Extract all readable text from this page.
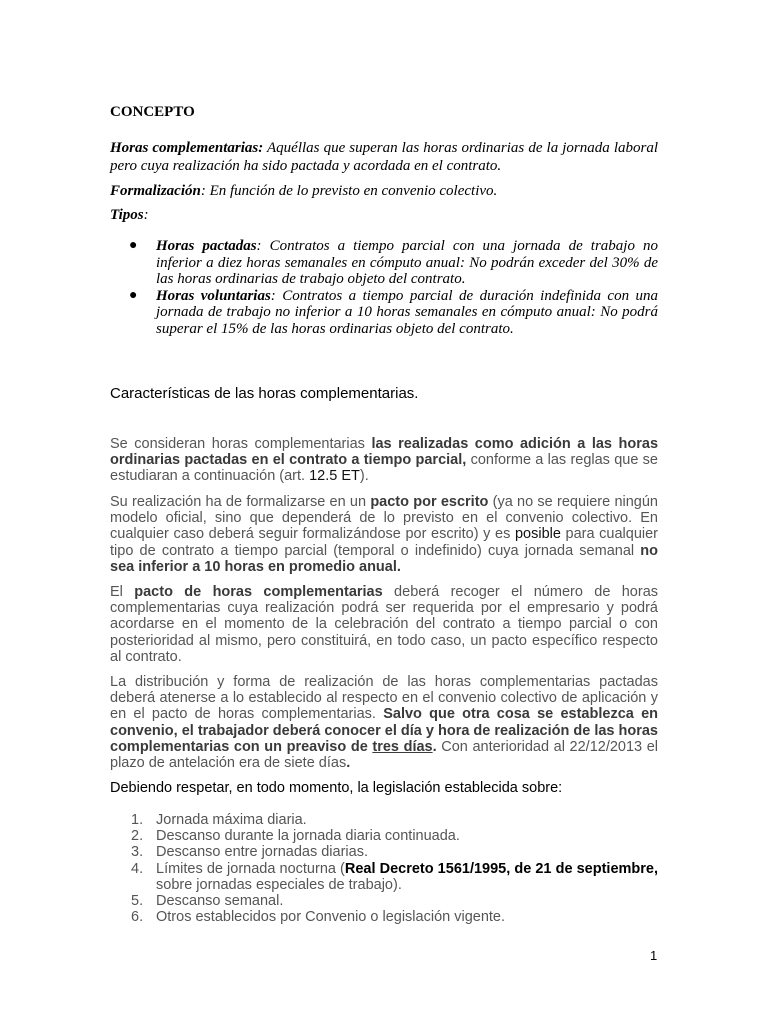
CONCEPTO

Horas complementarias: Aquéllas que superan las horas ordinarias de la jornada laboral pero cuya realización ha sido pactada y acordada en el contrato.

Formalización: En función de lo previsto en convenio colectivo.

Tipos:

● Horas pactadas: Contratos a tiempo parcial con una jornada de trabajo no inferior a diez horas semanales en cómputo anual: No podrán exceder del 30% de las horas ordinarias de trabajo objeto del contrato.
● Horas voluntarias: Contratos a tiempo parcial de duración indefinida con una jornada de trabajo no inferior a 10 horas semanales en cómputo anual: No podrá superar el 15% de las horas ordinarias objeto del contrato.
Características de las horas complementarias.

Se consideran horas complementarias las realizadas como adición a las horas ordinarias pactadas en el contrato a tiempo parcial, conforme a las reglas que se estudiaran a continuación (art. 12.5 ET).

Su realización ha de formalizarse en un pacto por escrito (ya no se requiere ningún modelo oficial, sino que dependerá de lo previsto en el convenio colectivo. En cualquier caso deberá seguir formalizándose por escrito) y es posible para cualquier tipo de contrato a tiempo parcial (temporal o indefinido) cuya jornada semanal no sea inferior a 10 horas en promedio anual.

El pacto de horas complementarias deberá recoger el número de horas complementarias cuya realización podrá ser requerida por el empresario y podrá acordarse en el momento de la celebración del contrato a tiempo parcial o con posterioridad al mismo, pero constituirá, en todo caso, un pacto específico respecto al contrato.

La distribución y forma de realización de las horas complementarias pactadas deberá atenerse a lo establecido al respecto en el convenio colectivo de aplicación y en el pacto de horas complementarias. Salvo que otra cosa se establezca en convenio, el trabajador deberá conocer el día y hora de realización de las horas complementarias con un preaviso de tres días. Con anterioridad al 22/12/2013 el plazo de antelación era de siete días.

Debiendo respetar, en todo momento, la legislación establecida sobre:
1. Jornada máxima diaria.
2. Descanso durante la jornada diaria continuada.
3. Descanso entre jornadas diarias.
4. Límites de jornada nocturna (Real Decreto 1561/1995, de 21 de septiembre, sobre jornadas especiales de trabajo).
5. Descanso semanal.
6. Otros establecidos por Convenio o legislación vigente.
1
